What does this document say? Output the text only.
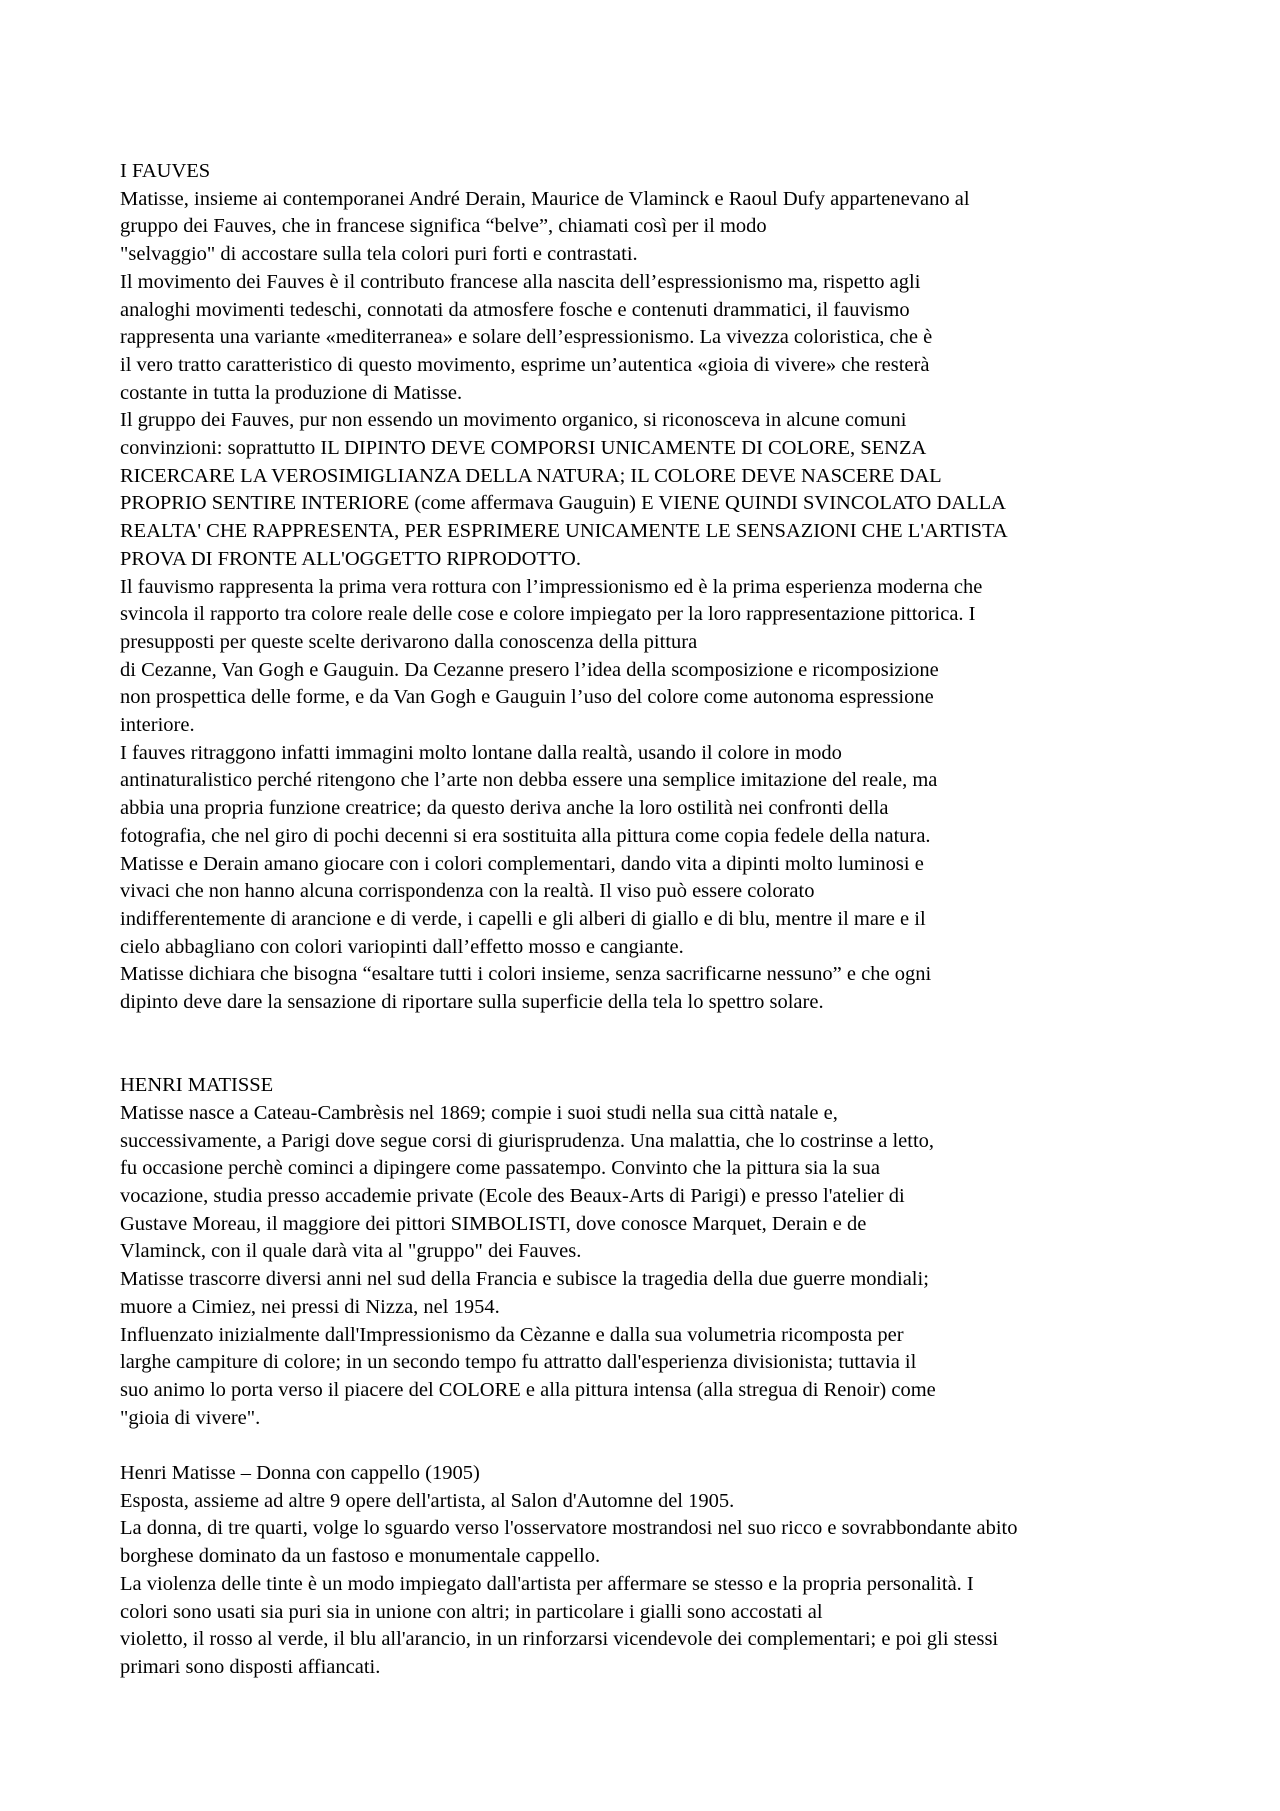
I FAUVES
Matisse, insieme ai contemporanei André Derain, Maurice de Vlaminck e Raoul Dufy appartenevano al
gruppo dei Fauves, che in francese significa “belve”, chiamati così per il modo
"selvaggio" di accostare sulla tela colori puri forti e contrastati.
Il movimento dei Fauves è il contributo francese alla nascita dell’espressionismo ma, rispetto agli
analoghi movimenti tedeschi, connotati da atmosfere fosche e contenuti drammatici, il fauvismo
rappresenta una variante «mediterranea» e solare dell’espressionismo. La vivezza coloristica, che è
il vero tratto caratteristico di questo movimento, esprime un’autentica «gioia di vivere» che resterà
costante in tutta la produzione di Matisse.
Il gruppo dei Fauves, pur non essendo un movimento organico, si riconosceva in alcune comuni
convinzioni: soprattutto IL DIPINTO DEVE COMPORSI UNICAMENTE DI COLORE, SENZA
RICERCARE LA VEROSIMIGLIANZA DELLA NATURA; IL COLORE DEVE NASCERE DAL
PROPRIO SENTIRE INTERIORE (come affermava Gauguin) E VIENE QUINDI SVINCOLATO DALLA
REALTA' CHE RAPPRESENTA, PER ESPRIMERE UNICAMENTE LE SENSAZIONI CHE L'ARTISTA
PROVA DI FRONTE ALL'OGGETTO RIPRODOTTO.
Il fauvismo rappresenta la prima vera rottura con l’impressionismo ed è la prima esperienza moderna che
svincola il rapporto tra colore reale delle cose e colore impiegato per la loro rappresentazione pittorica. I
presupposti per queste scelte derivarono dalla conoscenza della pittura
di Cezanne, Van Gogh e Gauguin. Da Cezanne presero l’idea della scomposizione e ricomposizione
non prospettica delle forme, e da Van Gogh e Gauguin l’uso del colore come autonoma espressione
interiore.
I fauves ritraggono infatti immagini molto lontane dalla realtà, usando il colore in modo
antinaturalistico perché ritengono che l’arte non debba essere una semplice imitazione del reale, ma
abbia una propria funzione creatrice; da questo deriva anche la loro ostilità nei confronti della
fotografia, che nel giro di pochi decenni si era sostituita alla pittura come copia fedele della natura.
Matisse e Derain amano giocare con i colori complementari, dando vita a dipinti molto luminosi e
vivaci che non hanno alcuna corrispondenza con la realtà. Il viso può essere colorato
indifferentemente di arancione e di verde, i capelli e gli alberi di giallo e di blu, mentre il mare e il
cielo abbagliano con colori variopinti dall’effetto mosso e cangiante.
Matisse dichiara che bisogna “esaltare tutti i colori insieme, senza sacrificarne nessuno” e che ogni
dipinto deve dare la sensazione di riportare sulla superficie della tela lo spettro solare.
HENRI MATISSE
Matisse nasce a Cateau-Cambrèsis nel 1869; compie i suoi studi nella sua città natale e,
successivamente, a Parigi dove segue corsi di giurisprudenza. Una malattia, che lo costrinse a letto,
fu occasione perchè cominci a dipingere come passatempo. Convinto che la pittura sia la sua
vocazione, studia presso accademie private (Ecole des Beaux-Arts di Parigi) e presso l'atelier di
Gustave Moreau, il maggiore dei pittori SIMBOLISTI, dove conosce Marquet, Derain e de
Vlaminck, con il quale darà vita al "gruppo" dei Fauves.
Matisse trascorre diversi anni nel sud della Francia e subisce la tragedia della due guerre mondiali;
muore a Cimiez, nei pressi di Nizza, nel 1954.
Influenzato inizialmente dall'Impressionismo da Cèzanne e dalla sua volumetria ricomposta per
larghe campiture di colore; in un secondo tempo fu attratto dall'esperienza divisionista; tuttavia il
suo animo lo porta verso il piacere del COLORE e alla pittura intensa (alla stregua di Renoir) come
"gioia di vivere".
Henri Matisse – Donna con cappello (1905)
Esposta, assieme ad altre 9 opere dell'artista, al Salon d'Automne del 1905.
La donna, di tre quarti, volge lo sguardo verso l'osservatore mostrandosi nel suo ricco e sovrabbondante abito
borghese dominato da un fastoso e monumentale cappello.
La violenza delle tinte è un modo impiegato dall'artista per affermare se stesso e la propria personalità. I
colori sono usati sia puri sia in unione con altri; in particolare i gialli sono accostati al
violetto, il rosso al verde, il blu all'arancio, in un rinforzarsi vicendevole dei complementari; e poi gli stessi
primari sono disposti affiancati.
